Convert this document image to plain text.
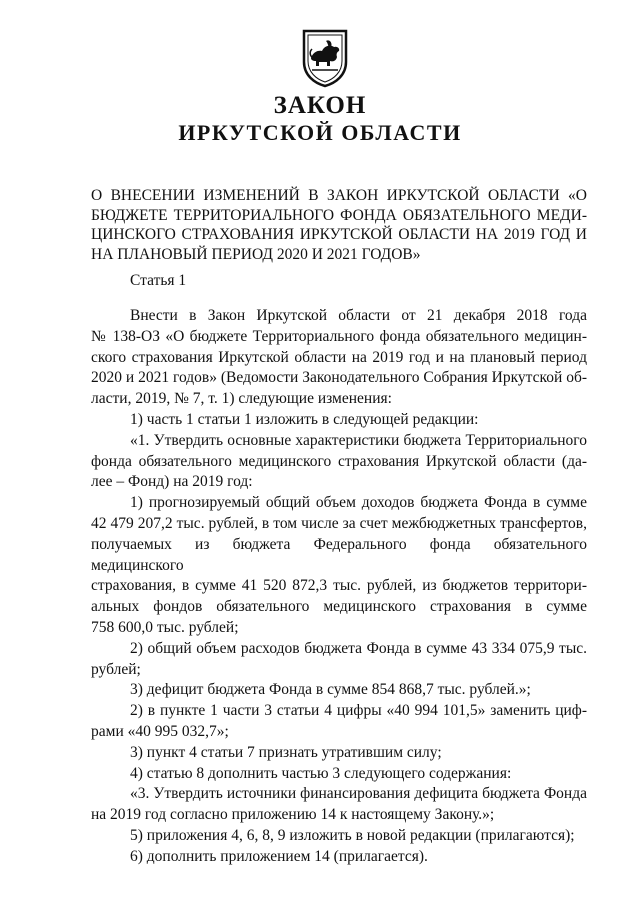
ЗАКОН
ИРКУТСКОЙ ОБЛАСТИ
О ВНЕСЕНИИ ИЗМЕНЕНИЙ В ЗАКОН ИРКУТСКОЙ ОБЛАСТИ «О
БЮДЖЕТЕ ТЕРРИТОРИАЛЬНОГО ФОНДА ОБЯЗАТЕЛЬНОГО МЕДИ-
ЦИНСКОГО СТРАХОВАНИЯ ИРКУТСКОЙ ОБЛАСТИ НА 2019 ГОД И
НА ПЛАНОВЫЙ ПЕРИОД 2020 И 2021 ГОДОВ»

Статья 1

Внести в Закон Иркутской области от 21 декабря 2018 года
№ 138-ОЗ «О бюджете Территориального фонда обязательного медицин-
ского страхования Иркутской области на 2019 год и на плановый период
2020 и 2021 годов» (Ведомости Законодательного Собрания Иркутской об-
ласти, 2019, № 7, т. 1) следующие изменения:
1) часть 1 статьи 1 изложить в следующей редакции:
«1. Утвердить основные характеристики бюджета Территориального
фонда обязательного медицинского страхования Иркутской области (да-
лее – Фонд) на 2019 год:
1) прогнозируемый общий объем доходов бюджета Фонда в сумме
42 479 207,2 тыс. рублей, в том числе за счет межбюджетных трансфертов,
получаемых из бюджета Федерального фонда обязательного медицинского
страхования, в сумме 41 520 872,3 тыс. рублей, из бюджетов территори-
альных фондов обязательного медицинского страхования в сумме
758 600,0 тыс. рублей;
2) общий объем расходов бюджета Фонда в сумме 43 334 075,9 тыс.
рублей;
3) дефицит бюджета Фонда в сумме 854 868,7 тыс. рублей.»;
2) в пункте 1 части 3 статьи 4 цифры «40 994 101,5» заменить циф-
рами «40 995 032,7»;
3) пункт 4 статьи 7 признать утратившим силу;
4) статью 8 дополнить частью 3 следующего содержания:
«3. Утвердить источники финансирования дефицита бюджета Фонда
на 2019 год согласно приложению 14 к настоящему Закону.»;
5) приложения 4, 6, 8, 9 изложить в новой редакции (прилагаются);
6) дополнить приложением 14 (прилагается).
